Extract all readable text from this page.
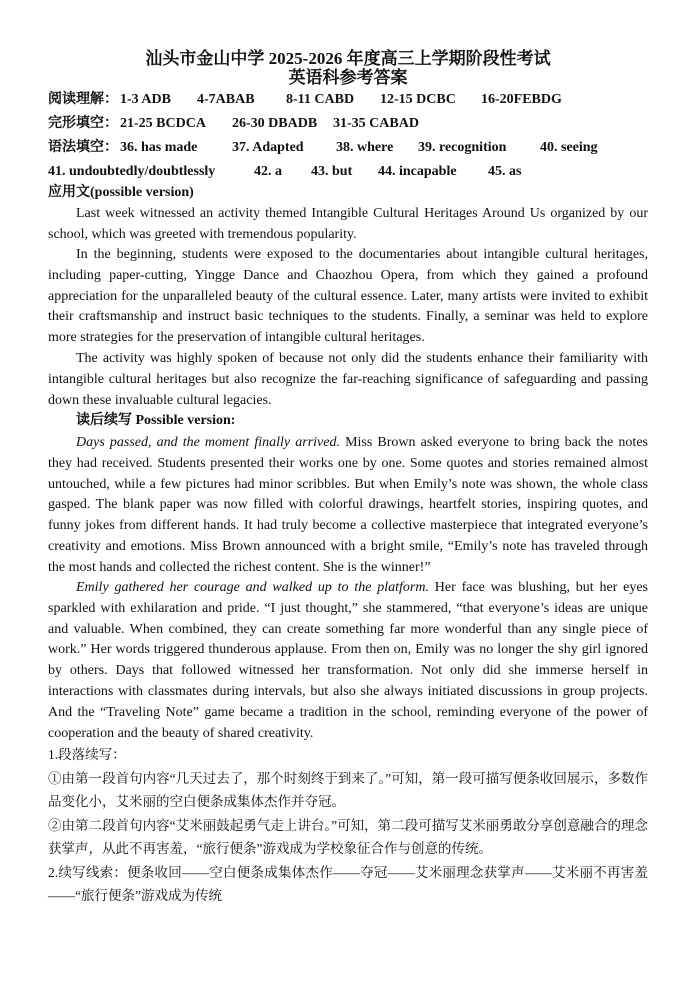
汕头市金山中学 2025-2026 年度高三上学期阶段性考试
英语科参考答案
阅读理解： 1-3 ADB 4-7ABAB 8-11 CABD 12-15 DCBC 16-20FEBDG
完形填空： 21-25 BCDCA 26-30 DBADB 31-35 CABAD
语法填空： 36. has made 37. Adapted 38. where 39. recognition 40. seeing
41. undoubtedly/doubtlessly	42. a 43. but 44. incapable 45. as
应用文(possible version)

Last week witnessed an activity themed Intangible Cultural Heritages Around Us organized by our school, which was greeted with tremendous popularity.

In the beginning, students were exposed to the documentaries about intangible cultural heritages, including paper-cutting, Yingge Dance and Chaozhou Opera, from which they gained a profound appreciation for the unparalleled beauty of the cultural essence. Later, many artists were invited to exhibit their craftsmanship and instruct basic techniques to the students. Finally, a seminar was held to explore more strategies for the preservation of intangible cultural heritages.

The activity was highly spoken of because not only did the students enhance their familiarity with intangible cultural heritages but also recognize the far-reaching significance of safeguarding and passing down these invaluable cultural legacies.

读后续写 Possible version:

Days passed, and the moment finally arrived. Miss Brown asked everyone to bring back the notes they had received. Students presented their works one by one. Some quotes and stories remained almost untouched, while a few pictures had minor scribbles. But when Emily’s note was shown, the whole class gasped. The blank paper was now filled with colorful drawings, heartfelt stories, inspiring quotes, and funny jokes from different hands. It had truly become a collective masterpiece that integrated everyone’s creativity and emotions. Miss Brown announced with a bright smile, “Emily’s note has traveled through the most hands and collected the richest content. She is the winner!”

Emily gathered her courage and walked up to the platform. Her face was blushing, but her eyes sparkled with exhilaration and pride. “I just thought,” she stammered, “that everyone’s ideas are unique and valuable. When combined, they can create something far more wonderful than any single piece of work.” Her words triggered thunderous applause. From then on, Emily was no longer the shy girl ignored by others. Days that followed witnessed her transformation. Not only did she immerse herself in interactions with classmates during intervals, but also she always initiated discussions in group projects. And the “Traveling Note” game became a tradition in the school, reminding everyone of the power of cooperation and the beauty of shared creativity.

1.段落续写：

①由第一段首句内容“几天过去了，那个时刻终于到来了。”可知，第一段可描写便条收回展示，多数作品变化小，艾米丽的空白便条成集体杰作并夺冠。

②由第二段首句内容“艾米丽鼓起勇气走上讲台。”可知，第二段可描写艾米丽勇敢分享创意融合的理念获掌声，从此不再害羞，“旅行便条”游戏成为学校象征合作与创意的传统。

2.续写线索：便条收回——空白便条成集体杰作——夺冠——艾米丽理念获掌声——艾米丽不再害羞——“旅行便条”游戏成为传统
